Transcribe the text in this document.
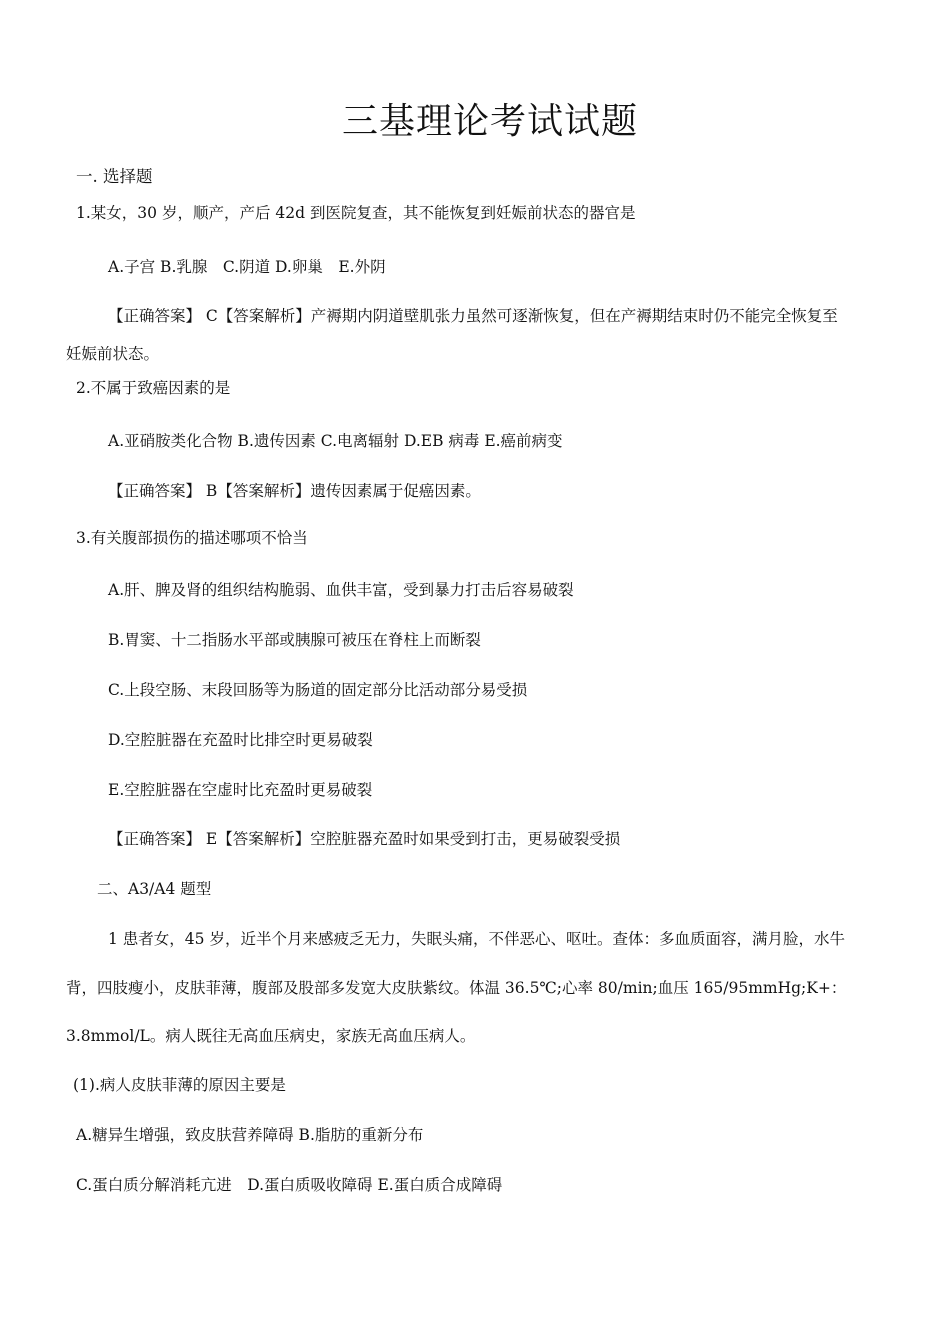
三基理论考试试题
一. 选择题
1.某女，30 岁，顺产，产后 42d 到医院复查，其不能恢复到妊娠前状态的器官是
A.子宫 B.乳腺　C.阴道 D.卵巢　E.外阴
【正确答案】 C【答案解析】产褥期内阴道壁肌张力虽然可逐渐恢复，但在产褥期结束时仍不能完全恢复至
妊娠前状态。
2.不属于致癌因素的是
A.亚硝胺类化合物 B.遗传因素 C.电离辐射 D.EB 病毒 E.癌前病变
【正确答案】 B【答案解析】遗传因素属于促癌因素。
3.有关腹部损伤的描述哪项不恰当
A.肝、脾及肾的组织结构脆弱、血供丰富，受到暴力打击后容易破裂
B.胃窦、十二指肠水平部或胰腺可被压在脊柱上而断裂
C.上段空肠、末段回肠等为肠道的固定部分比活动部分易受损
D.空腔脏器在充盈时比排空时更易破裂
E.空腔脏器在空虚时比充盈时更易破裂
【正确答案】 E【答案解析】空腔脏器充盈时如果受到打击，更易破裂受损
二、A3/A4 题型
1 患者女，45 岁，近半个月来感疲乏无力，失眠头痛，不伴恶心、呕吐。查体：多血质面容，满月脸，水牛
背，四肢瘦小，皮肤菲薄，腹部及股部多发宽大皮肤紫纹。体温 36.5℃;心率 80/min;血压 165/95mmHg;K+：
3.8mmol/L。病人既往无高血压病史，家族无高血压病人。
(1).病人皮肤菲薄的原因主要是
A.糖异生增强，致皮肤营养障碍 B.脂肪的重新分布
C.蛋白质分解消耗亢进　D.蛋白质吸收障碍 E.蛋白质合成障碍
